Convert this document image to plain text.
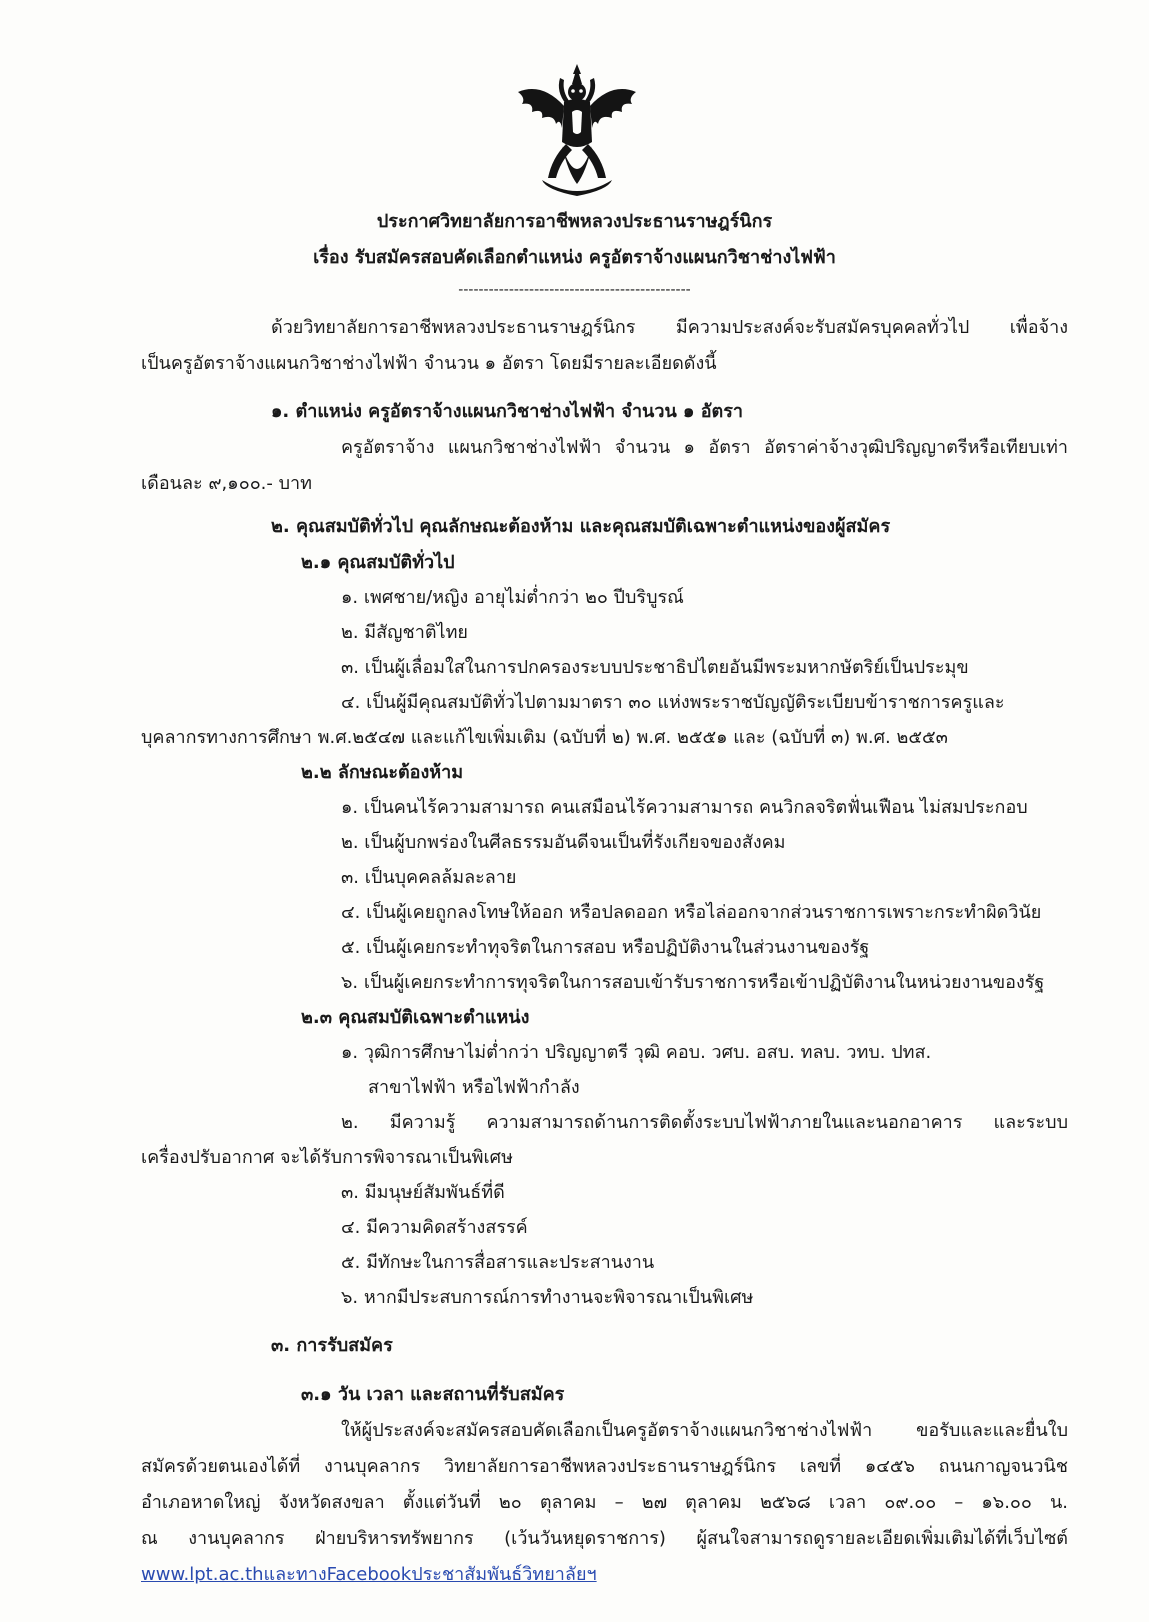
ประกาศวิทยาลัยการอาชีพหลวงประธานราษฎร์นิกร
เรื่อง รับสมัครสอบคัดเลือกตำแหน่ง ครูอัตราจ้างแผนกวิชาช่างไฟฟ้า
----------------------------------------------
ด้วยวิทยาลัยการอาชีพหลวงประธานราษฎร์นิกร มีความประสงค์จะรับสมัครบุคคลทั่วไป เพื่อจ้าง
เป็นครูอัตราจ้างแผนกวิชาช่างไฟฟ้า จำนวน ๑ อัตรา โดยมีรายละเอียดดังนี้
๑. ตำแหน่ง ครูอัตราจ้างแผนกวิชาช่างไฟฟ้า จำนวน ๑ อัตรา
ครูอัตราจ้าง แผนกวิชาช่างไฟฟ้า จำนวน ๑ อัตรา อัตราค่าจ้างวุฒิปริญญาตรีหรือเทียบเท่า
เดือนละ ๙,๑๐๐.- บาท
๒. คุณสมบัติทั่วไป คุณลักษณะต้องห้าม และคุณสมบัติเฉพาะตำแหน่งของผู้สมัคร
๒.๑ คุณสมบัติทั่วไป
๑. เพศชาย/หญิง อายุไม่ต่ำกว่า ๒๐ ปีบริบูรณ์
๒. มีสัญชาติไทย
๓. เป็นผู้เลื่อมใสในการปกครองระบบประชาธิปไตยอันมีพระมหากษัตริย์เป็นประมุข
๔. เป็นผู้มีคุณสมบัติทั่วไปตามมาตรา ๓๐ แห่งพระราชบัญญัติระเบียบข้าราชการครูและ
บุคลากรทางการศึกษา พ.ศ.๒๕๔๗ และแก้ไขเพิ่มเติม (ฉบับที่ ๒) พ.ศ. ๒๕๕๑ และ (ฉบับที่ ๓) พ.ศ. ๒๕๕๓
๒.๒ ลักษณะต้องห้าม
๑. เป็นคนไร้ความสามารถ คนเสมือนไร้ความสามารถ คนวิกลจริตฟั่นเฟือน ไม่สมประกอบ
๒. เป็นผู้บกพร่องในศีลธรรมอันดีจนเป็นที่รังเกียจของสังคม
๓. เป็นบุคคลล้มละลาย
๔. เป็นผู้เคยถูกลงโทษให้ออก หรือปลดออก หรือไล่ออกจากส่วนราชการเพราะกระทำผิดวินัย
๕. เป็นผู้เคยกระทำทุจริตในการสอบ หรือปฏิบัติงานในส่วนงานของรัฐ
๖. เป็นผู้เคยกระทำการทุจริตในการสอบเข้ารับราชการหรือเข้าปฏิบัติงานในหน่วยงานของรัฐ
๒.๓ คุณสมบัติเฉพาะตำแหน่ง
๑. วุฒิการศึกษาไม่ต่ำกว่า ปริญญาตรี วุฒิ คอบ. วศบ. อสบ. ทลบ. วทบ. ปทส.
สาขาไฟฟ้า หรือไฟฟ้ากำลัง
๒. มีความรู้ ความสามารถด้านการติดตั้งระบบไฟฟ้าภายในและนอกอาคาร และระบบ
เครื่องปรับอากาศ จะได้รับการพิจารณาเป็นพิเศษ
๓. มีมนุษย์สัมพันธ์ที่ดี
๔. มีความคิดสร้างสรรค์
๕. มีทักษะในการสื่อสารและประสานงาน
๖. หากมีประสบการณ์การทำงานจะพิจารณาเป็นพิเศษ
๓. การรับสมัคร
๓.๑ วัน เวลา และสถานที่รับสมัคร
ให้ผู้ประสงค์จะสมัครสอบคัดเลือกเป็นครูอัตราจ้างแผนกวิชาช่างไฟฟ้า ขอรับและและยื่นใบ
สมัครด้วยตนเองได้ที่ งานบุคลากร วิทยาลัยการอาชีพหลวงประธานราษฎร์นิกร เลขที่ ๑๔๕๖ ถนนกาญจนวนิช
อำเภอหาดใหญ่ จังหวัดสงขลา ตั้งแต่วันที่ ๒๐ ตุลาคม – ๒๗ ตุลาคม ๒๕๖๘ เวลา ๐๙.๐๐ – ๑๖.๐๐ น.
ณ งานบุคลากร ฝ่ายบริหารทรัพยากร (เว้นวันหยุดราชการ) ผู้สนใจสามารถดูรายละเอียดเพิ่มเติมได้ที่เว็บไซต์
www.lpt.ac.thและทางFacebookประชาสัมพันธ์วิทยาลัยฯ
